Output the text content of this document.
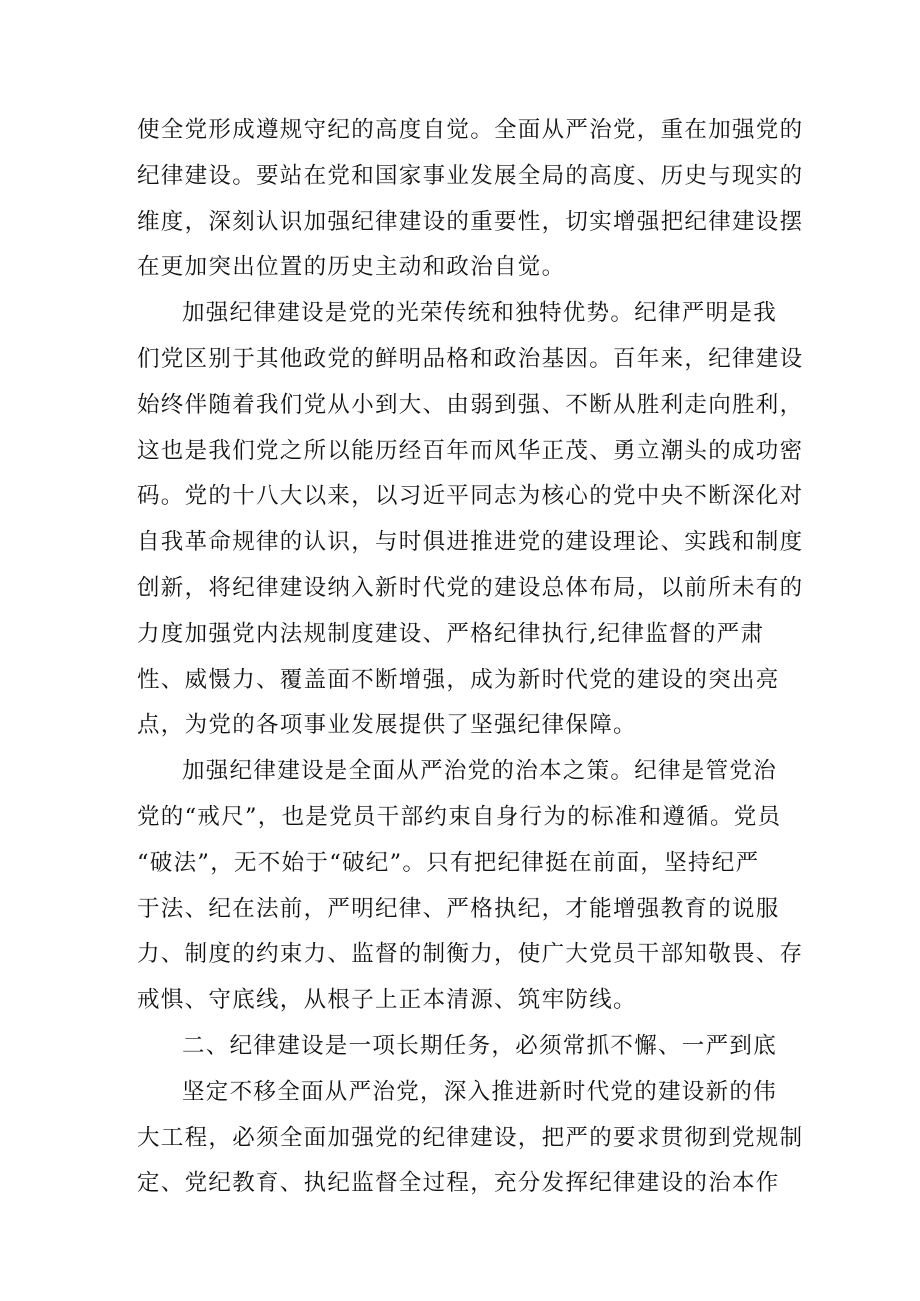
使全党形成遵规守纪的高度自觉。全面从严治党，重在加强党的
纪律建设。要站在党和国家事业发展全局的高度、历史与现实的
维度，深刻认识加强纪律建设的重要性，切实增强把纪律建设摆
在更加突出位置的历史主动和政治自觉。
加强纪律建设是党的光荣传统和独特优势。纪律严明是我
们党区别于其他政党的鲜明品格和政治基因。百年来，纪律建设
始终伴随着我们党从小到大、由弱到强、不断从胜利走向胜利，
这也是我们党之所以能历经百年而风华正茂、勇立潮头的成功密
码。党的十八大以来，以习近平同志为核心的党中央不断深化对
自我革命规律的认识，与时俱进推进党的建设理论、实践和制度
创新，将纪律建设纳入新时代党的建设总体布局，以前所未有的
力度加强党内法规制度建设、严格纪律执行,纪律监督的严肃
性、威慑力、覆盖面不断增强，成为新时代党的建设的突出亮
点，为党的各项事业发展提供了坚强纪律保障。
加强纪律建设是全面从严治党的治本之策。纪律是管党治
党的“戒尺”，也是党员干部约束自身行为的标准和遵循。党员
“破法”，无不始于“破纪”。只有把纪律挺在前面，坚持纪严
于法、纪在法前，严明纪律、严格执纪，才能增强教育的说服
力、制度的约束力、监督的制衡力，使广大党员干部知敬畏、存
戒惧、守底线，从根子上正本清源、筑牢防线。
二、纪律建设是一项长期任务，必须常抓不懈、一严到底
坚定不移全面从严治党，深入推进新时代党的建设新的伟
大工程，必须全面加强党的纪律建设，把严的要求贯彻到党规制
定、党纪教育、执纪监督全过程，充分发挥纪律建设的治本作
